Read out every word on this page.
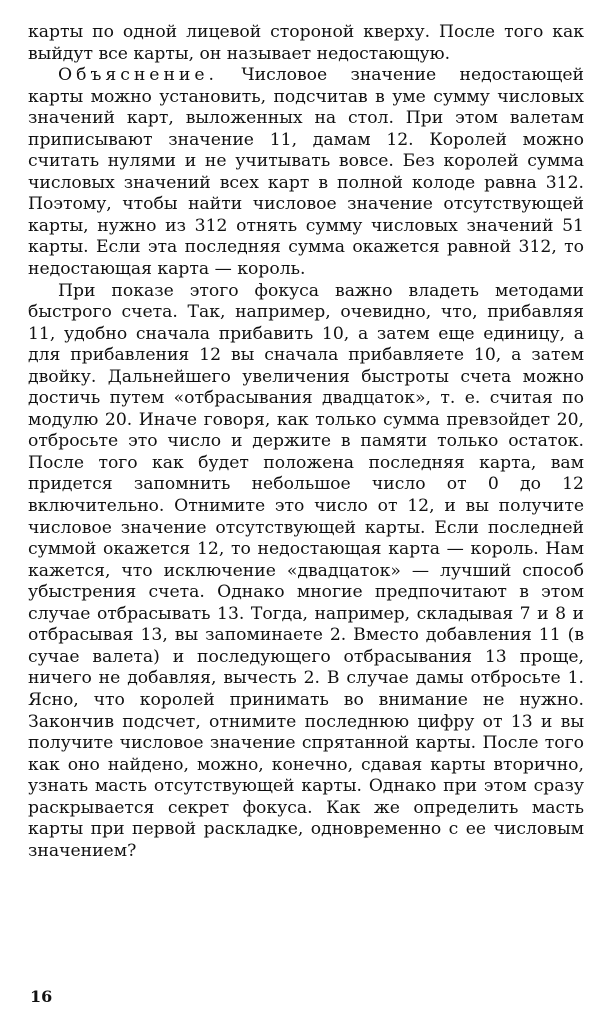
карты по одной лицевой стороной кверху. После того как выйдут все карты, он называет недостающую.

Объяснение. Числовое значение недостающей карты можно установить, подсчитав в уме сумму числовых значений карт, выложенных на стол. При этом валетам приписывают значение 11, дамам 12. Королей можно считать нулями и не учитывать вовсе. Без королей сумма числовых значений всех карт в полной колоде равна 312. Поэтому, чтобы найти числовое значение отсутствующей карты, нужно из 312 отнять сумму числовых значений 51 карты. Если эта последняя сумма окажется равной 312, то недостающая карта — король.

При показе этого фокуса важно владеть методами быстрого счета. Так, например, очевидно, что, прибавляя 11, удобно сначала прибавить 10, а затем еще единицу, а для прибавления 12 вы сначала прибавляете 10, а затем двойку. Дальнейшего увеличения быстроты счета можно достичь путем «отбрасывания двадцаток», т. е. считая по модулю 20. Иначе говоря, как только сумма превзойдет 20, отбросьте это число и держите в памяти только остаток. После того как будет положена последняя карта, вам придется запомнить небольшое число от 0 до 12 включительно. Отнимите это число от 12, и вы получите числовое значение отсутствующей карты. Если последней суммой окажется 12, то недостающая карта — король. Нам кажется, что исключение «двадцаток» — лучший способ убыстрения счета. Однако многие предпочитают в этом случае отбрасывать 13. Тогда, например, складывая 7 и 8 и отбрасывая 13, вы запоминаете 2. Вместо добавления 11 (в сучае валета) и последующего отбрасывания 13 проще, ничего не добавляя, вычесть 2. В случае дамы отбросьте 1. Ясно, что королей принимать во внимание не нужно. Закончив подсчет, отнимите последнюю цифру от 13 и вы получите числовое значение спрятанной карты. После того как оно найдено, можно, конечно, сдавая карты вторично, узнать масть отсутствующей карты. Однако при этом сразу раскрывается секрет фокуса. Как же определить масть карты при первой раскладке, одновременно с ее числовым значением?

16
